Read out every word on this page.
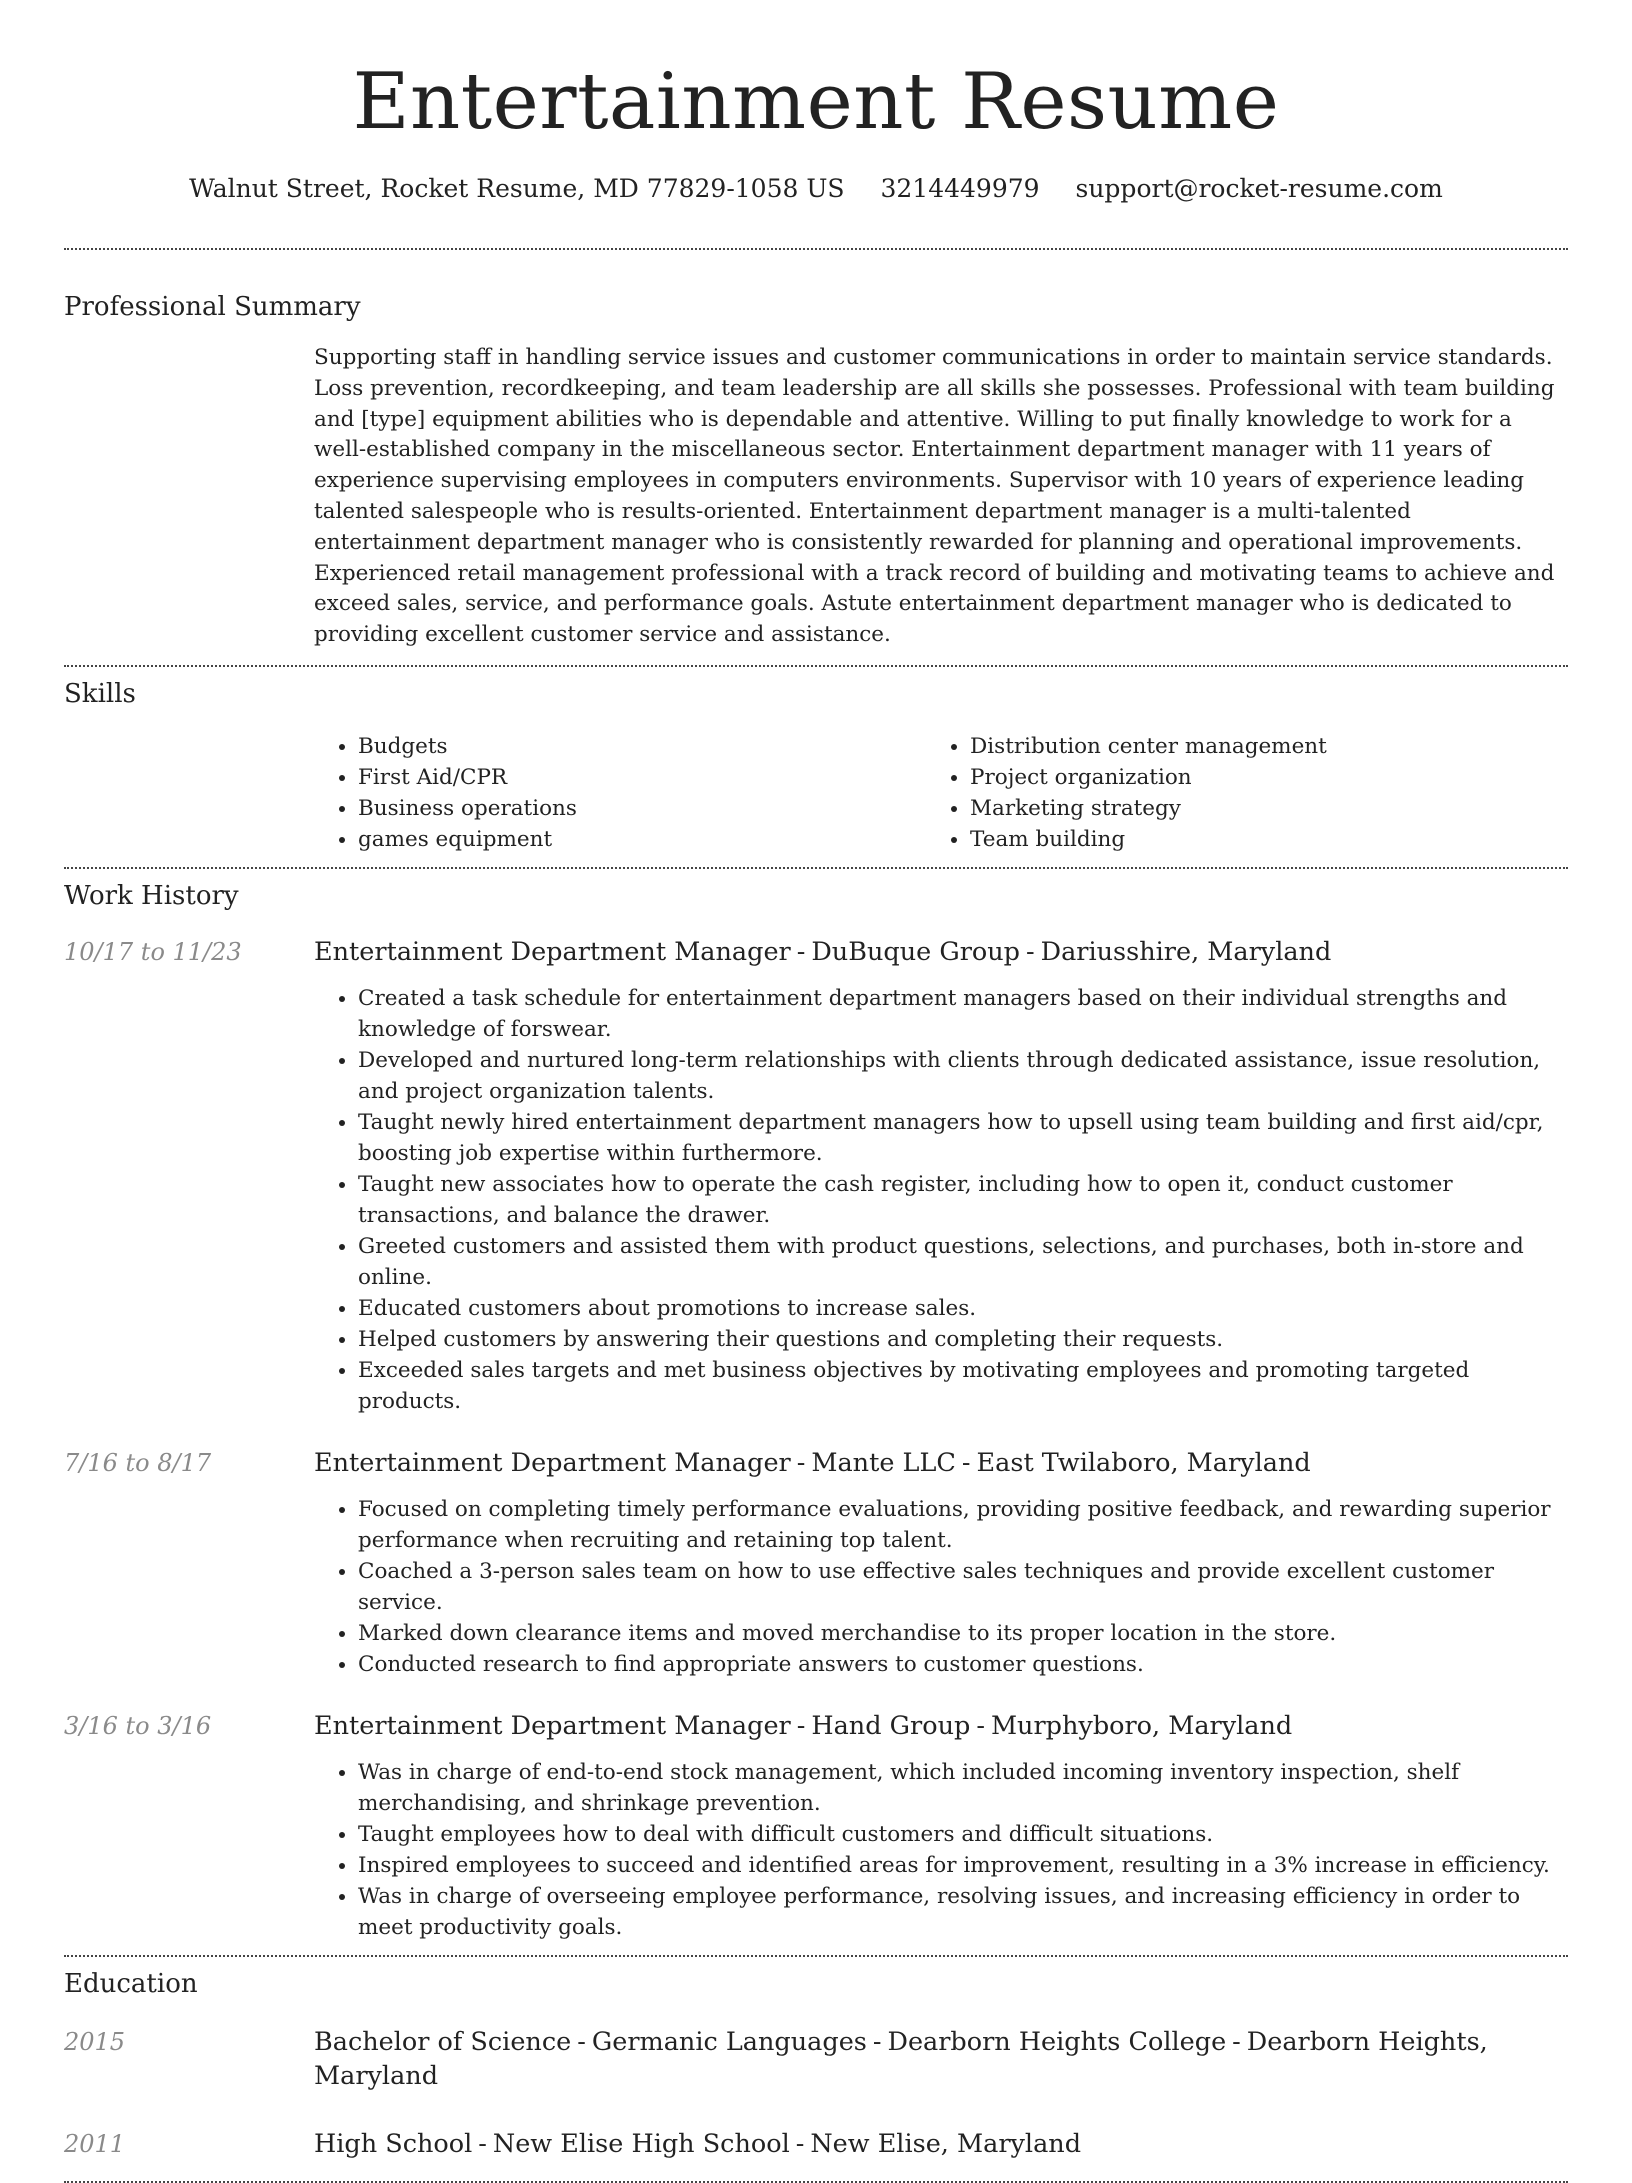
Entertainment Resume
Walnut Street, Rocket Resume, MD 77829-1058 US 3214449979 support@rocket-resume.com
Professional Summary

Supporting staff in handling service issues and customer communications in order to maintain service standards. Loss prevention, recordkeeping, and team leadership are all skills she possesses. Professional with team building and [type] equipment abilities who is dependable and attentive. Willing to put finally knowledge to work for a well-established company in the miscellaneous sector. Entertainment department manager with 11 years of experience supervising employees in computers environments. Supervisor with 10 years of experience leading talented salespeople who is results-oriented. Entertainment department manager is a multi-talented entertainment department manager who is consistently rewarded for planning and operational improvements. Experienced retail management professional with a track record of building and motivating teams to achieve and exceed sales, service, and performance goals. Astute entertainment department manager who is dedicated to providing excellent customer service and assistance.

Skills
• Budgets
• First Aid/CPR
• Business operations
• games equipment
• Distribution center management
• Project organization
• Marketing strategy
• Team building
Work History
10/17 to 11/23	Entertainment Department Manager - DuBuque Group - Dariusshire, Maryland

• Created a task schedule for entertainment department managers based on their individual strengths and knowledge of forswear.
• Developed and nurtured long-term relationships with clients through dedicated assistance, issue resolution, and project organization talents.
• Taught newly hired entertainment department managers how to upsell using team building and first aid/cpr, boosting job expertise within furthermore.
• Taught new associates how to operate the cash register, including how to open it, conduct customer transactions, and balance the drawer.
• Greeted customers and assisted them with product questions, selections, and purchases, both in-store and online.
• Educated customers about promotions to increase sales.
• Helped customers by answering their questions and completing their requests.
• Exceeded sales targets and met business objectives by motivating employees and promoting targeted products.
7/16 to 8/17	Entertainment Department Manager - Mante LLC - East Twilaboro, Maryland

• Focused on completing timely performance evaluations, providing positive feedback, and rewarding superior performance when recruiting and retaining top talent.
• Coached a 3-person sales team on how to use effective sales techniques and provide excellent customer service.
• Marked down clearance items and moved merchandise to its proper location in the store.
• Conducted research to find appropriate answers to customer questions.
3/16 to 3/16	Entertainment Department Manager - Hand Group - Murphyboro, Maryland

• Was in charge of end-to-end stock management, which included incoming inventory inspection, shelf merchandising, and shrinkage prevention.
• Taught employees how to deal with difficult customers and difficult situations.
• Inspired employees to succeed and identified areas for improvement, resulting in a 3% increase in efficiency.
• Was in charge of overseeing employee performance, resolving issues, and increasing efficiency in order to meet productivity goals.
Education
2015	Bachelor of Science - Germanic Languages - Dearborn Heights College - Dearborn Heights, Maryland

2011	High School - New Elise High School - New Elise, Maryland
